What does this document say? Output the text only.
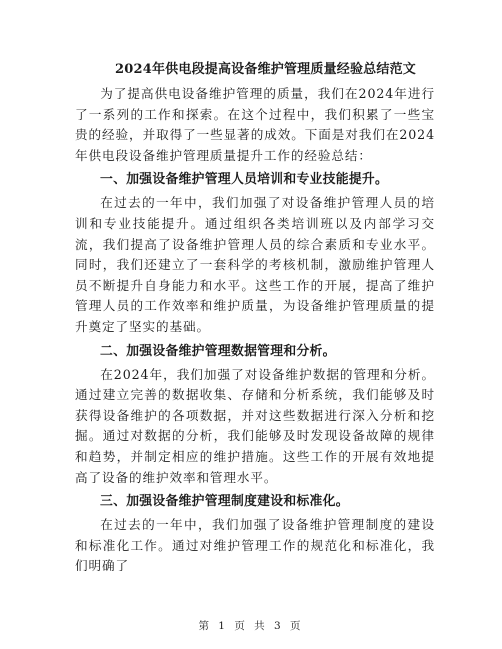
2024年供电段提高设备维护管理质量经验总结范文

为了提高供电设备维护管理的质量，我们在2024年进行了一系列的工作和探索。在这个过程中，我们积累了一些宝贵的经验，并取得了一些显著的成效。下面是对我们在2024年供电段设备维护管理质量提升工作的经验总结：

一、加强设备维护管理人员培训和专业技能提升。

在过去的一年中，我们加强了对设备维护管理人员的培训和专业技能提升。通过组织各类培训班以及内部学习交流，我们提高了设备维护管理人员的综合素质和专业水平。同时，我们还建立了一套科学的考核机制，激励维护管理人员不断提升自身能力和水平。这些工作的开展，提高了维护管理人员的工作效率和维护质量，为设备维护管理质量的提升奠定了坚实的基础。

二、加强设备维护管理数据管理和分析。

在2024年，我们加强了对设备维护数据的管理和分析。通过建立完善的数据收集、存储和分析系统，我们能够及时获得设备维护的各项数据，并对这些数据进行深入分析和挖掘。通过对数据的分析，我们能够及时发现设备故障的规律和趋势，并制定相应的维护措施。这些工作的开展有效地提高了设备的维护效率和管理水平。

三、加强设备维护管理制度建设和标准化。

在过去的一年中，我们加强了设备维护管理制度的建设和标准化工作。通过对维护管理工作的规范化和标准化，我们明确了

第 1 页 共 3 页
